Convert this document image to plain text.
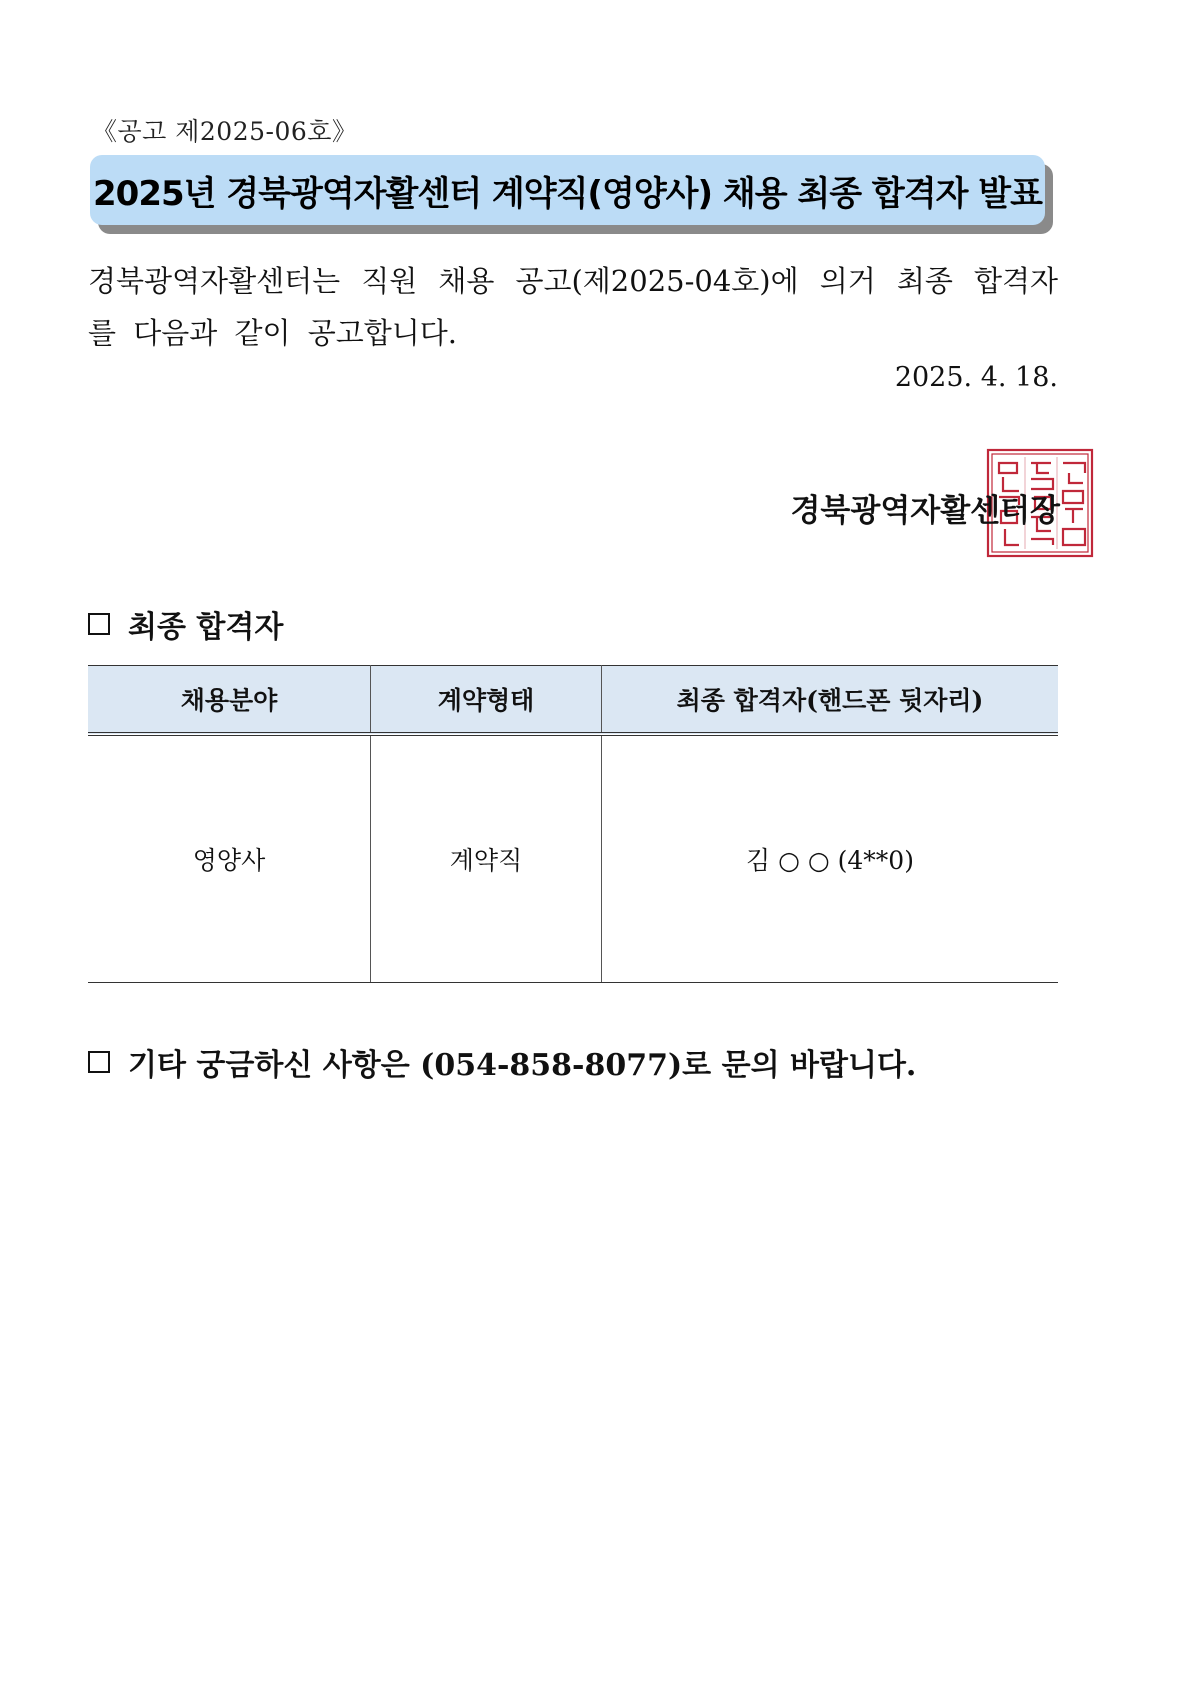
《공고 제2025-06호》
2025년 경북광역자활센터 계약직(영양사) 채용 최종 합격자 발표
경북광역자활센터는 직원 채용 공고(제2025-04호)에 의거 최종 합격자를 다음과 같이 공고합니다.
2025. 4. 18.
경북광역자활센터장
최종 합격자
채용분야	계약형태	최종 합격자(핸드폰 뒷자리)
영양사	계약직	김 ○ ○ (4**0)
기타 궁금하신 사항은 (054-858-8077)로 문의 바랍니다.
